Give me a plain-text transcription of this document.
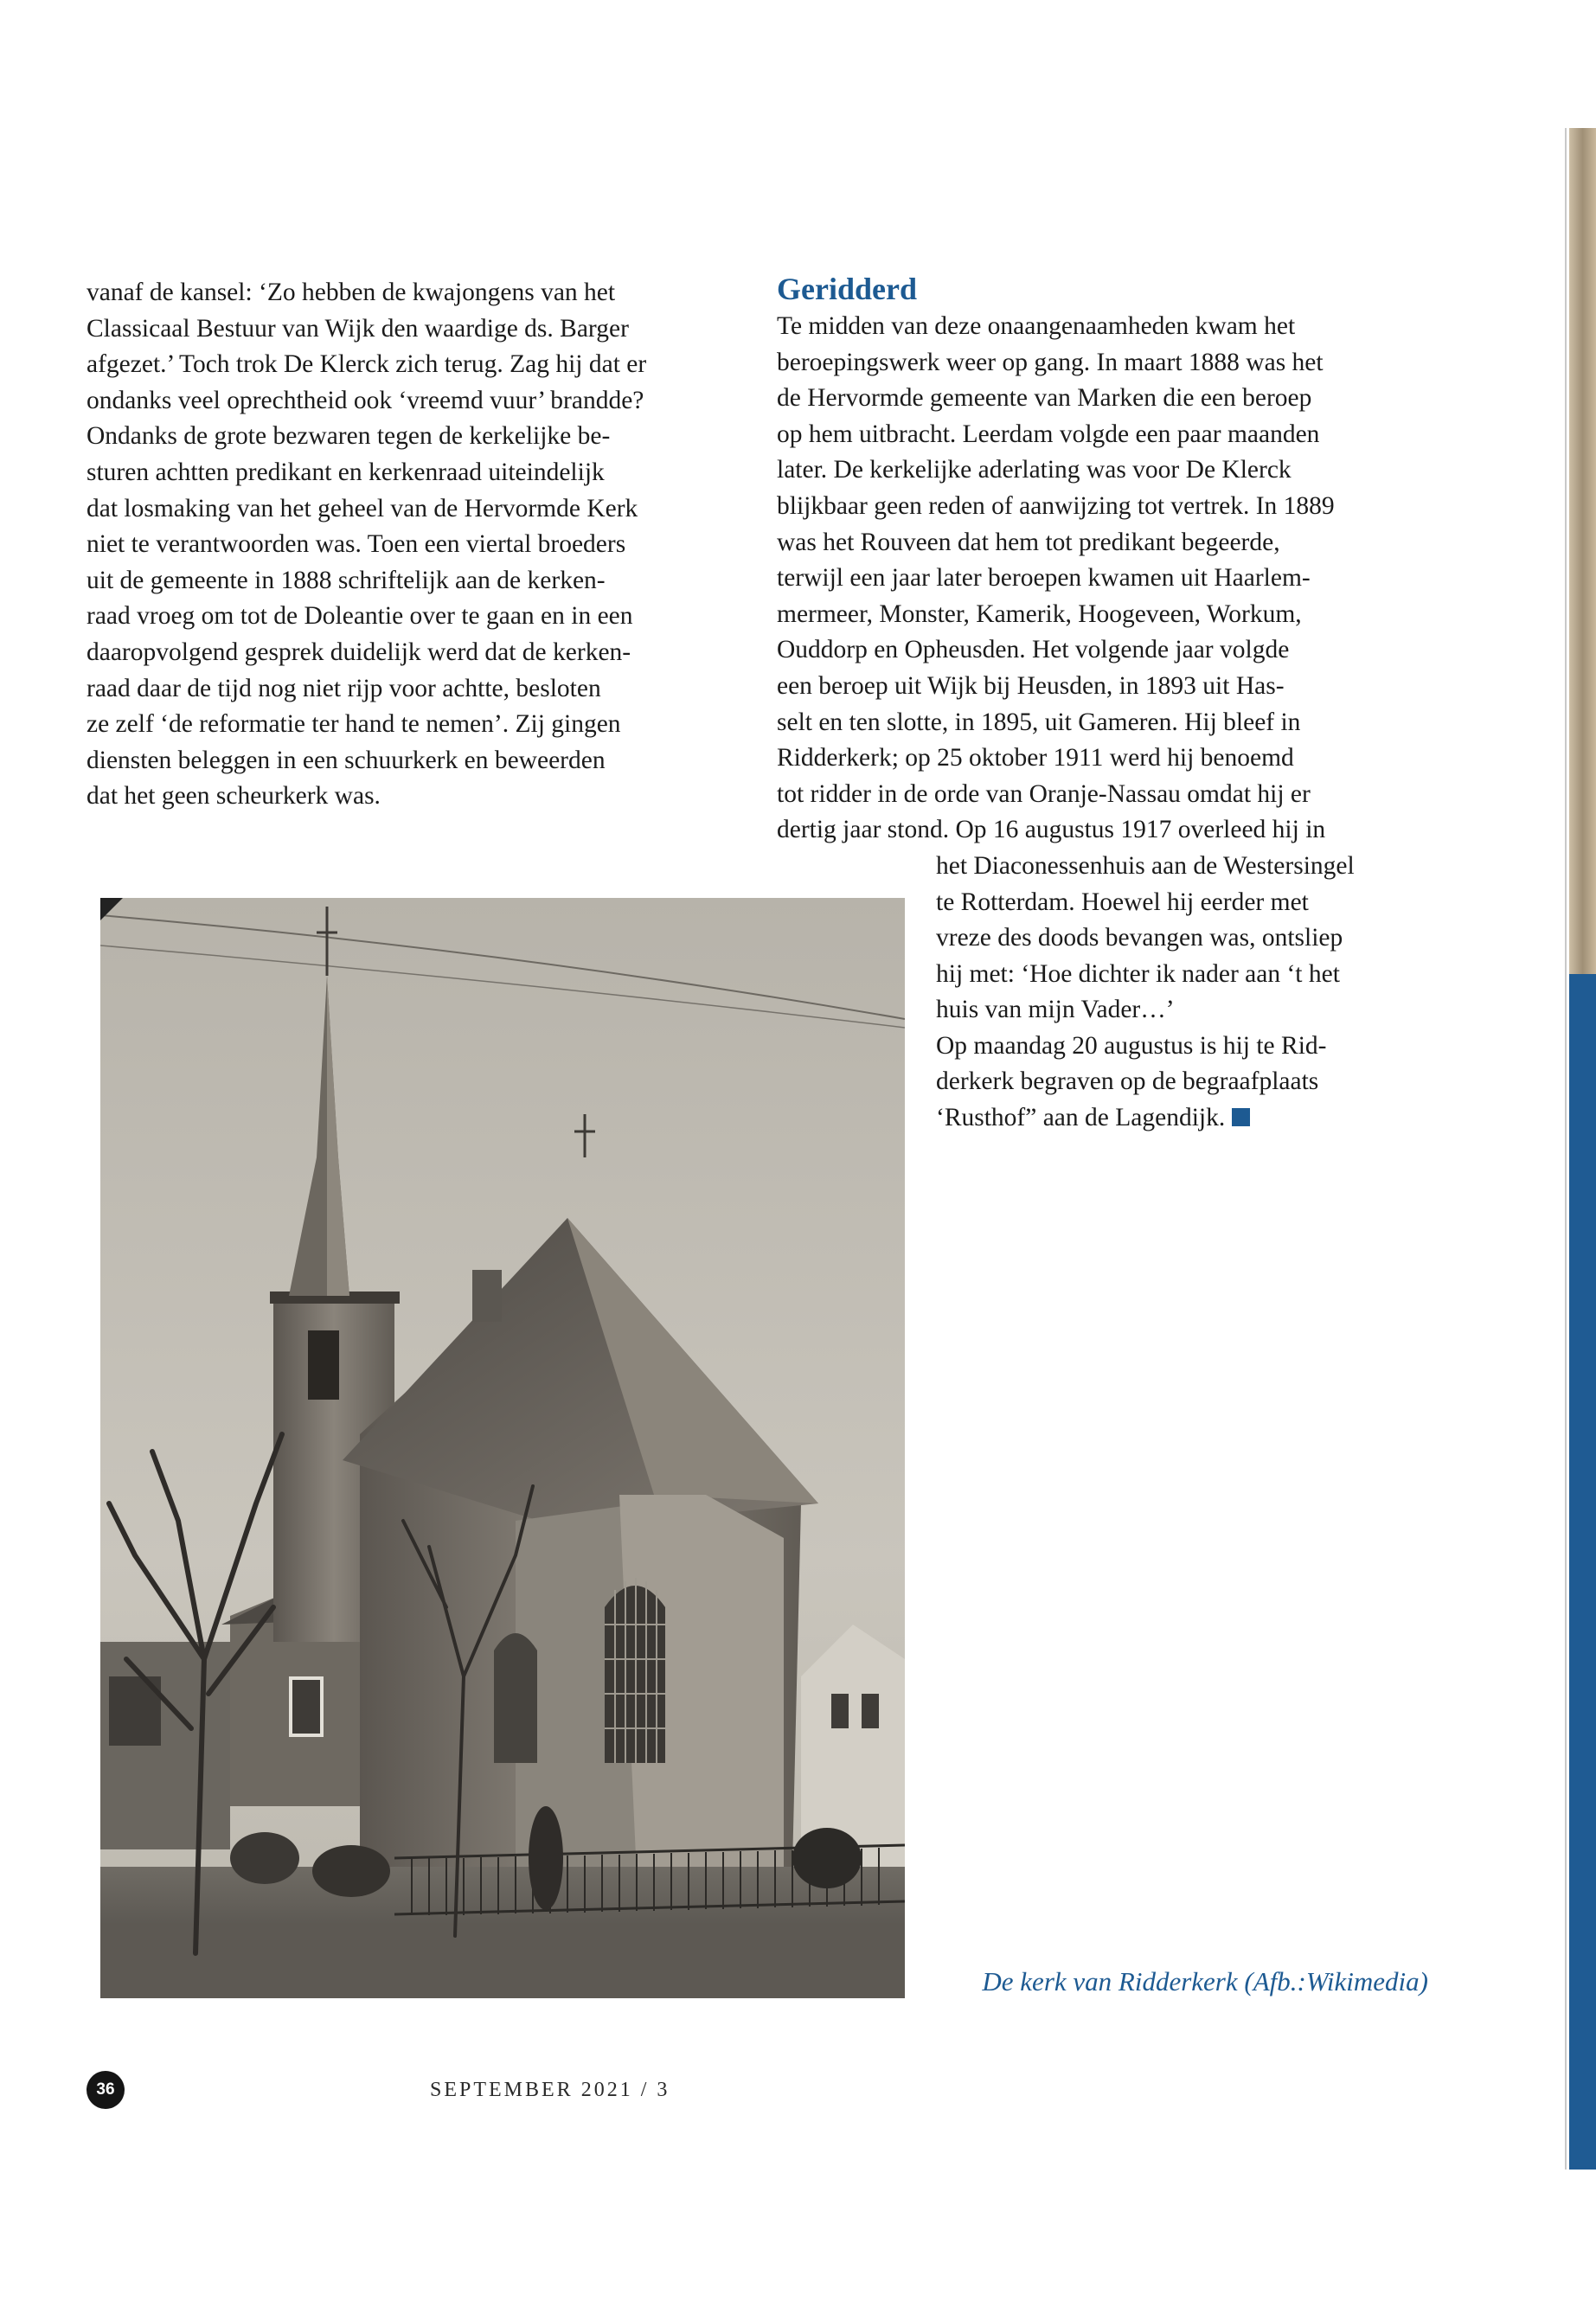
vanaf de kansel: ‘Zo hebben de kwajongens van het
Classicaal Bestuur van Wijk den waardige ds. Barger
afgezet.’ Toch trok De Klerck zich terug. Zag hij dat er
ondanks veel oprechtheid ook ‘vreemd vuur’ brandde?
Ondanks de grote bezwaren tegen de kerkelijke be-
sturen achtten predikant en kerkenraad uiteindelijk
dat losmaking van het geheel van de Hervormde Kerk
niet te verantwoorden was. Toen een viertal broeders
uit de gemeente in 1888 schriftelijk aan de kerken-
raad vroeg om tot de Doleantie over te gaan en in een
daaropvolgend gesprek duidelijk werd dat de kerken-
raad daar de tijd nog niet rijp voor achtte, besloten
ze zelf ‘de reformatie ter hand te nemen’. Zij gingen
diensten beleggen in een schuurkerk en beweerden
dat het geen scheurkerk was.

Geridderd

Te midden van deze onaangenaamheden kwam het
beroepingswerk weer op gang. In maart 1888 was het
de Hervormde gemeente van Marken die een beroep
op hem uitbracht. Leerdam volgde een paar maanden
later. De kerkelijke aderlating was voor De Klerck
blijkbaar geen reden of aanwijzing tot vertrek. In 1889
was het Rouveen dat hem tot predikant begeerde,
terwijl een jaar later beroepen kwamen uit Haarlem-
mermeer, Monster, Kamerik, Hoogeveen, Workum,
Ouddorp en Opheusden. Het volgende jaar volgde
een beroep uit Wijk bij Heusden, in 1893 uit Has-
selt en ten slotte, in 1895, uit Gameren. Hij bleef in
Ridderkerk; op 25 oktober 1911 werd hij benoemd
tot ridder in de orde van Oranje-Nassau omdat hij er
dertig jaar stond. Op 16 augustus 1917 overleed hij in

het Diaconessenhuis aan de Westersingel
te Rotterdam. Hoewel hij eerder met
vreze des doods bevangen was, ontsliep
hij met: ‘Hoe dichter ik nader aan ‘t het
huis van mijn Vader…’
Op maandag 20 augustus is hij te Rid-
derkerk begraven op de begraafplaats
‘Rusthof” aan de Lagendijk.

De kerk van Ridderkerk (Afb.:Wikimedia)
36	SEPTEMBER 2021 / 3
